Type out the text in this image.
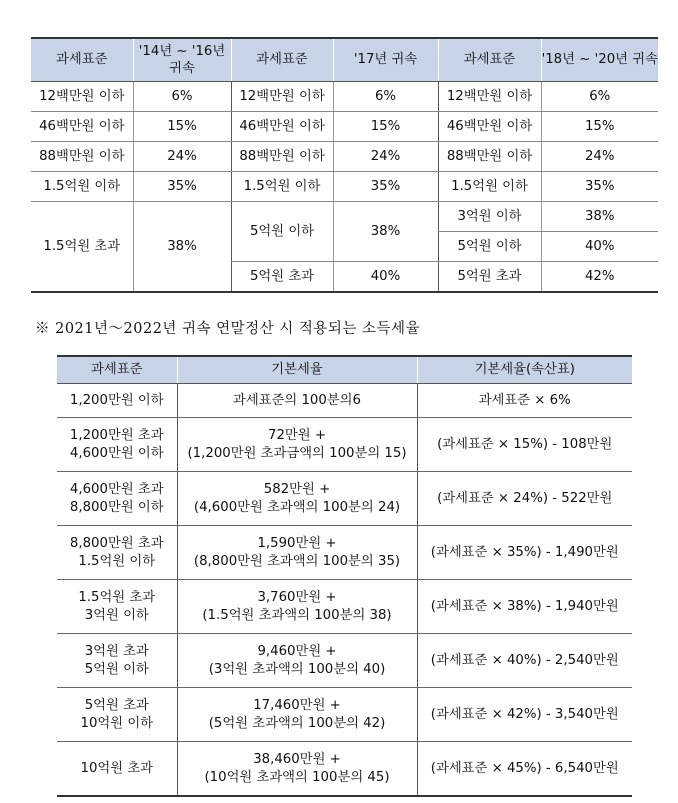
과세표준	'14년 ~ '16년 귀속	과세표준	'17년 귀속	과세표준	'18년 ~ '20년 귀속
12백만원 이하	6%	12백만원 이하	6%	12백만원 이하	6%
46백만원 이하	15%	46백만원 이하	15%	46백만원 이하	15%
88백만원 이하	24%	88백만원 이하	24%	88백만원 이하	24%
1.5억원 이하	35%	1.5억원 이하	35%	1.5억원 이하	35%
1.5억원 초과	38%	5억원 이하	38%	3억원 이하	38%
				5억원 이하	40%
		5억원 초과	40%	5억원 초과	42%
※ 2021년～2022년 귀속 연말정산 시 적용되는 소득세율
과세표준	기본세율	기본세율(속산표)
1,200만원 이하	과세표준의 100분의6	과세표준 × 6%

1,200만원 초과
4,600만원 이하	72만원 +
(1,200만원 초과금액의 100분의 15)	(과세표준 × 15%) - 108만원

4,600만원 초과
8,800만원 이하	582만원 +
(4,600만원 초과액의 100분의 24)	(과세표준 × 24%) - 522만원

8,800만원 초과
1.5억원 이하	1,590만원 +
(8,800만원 초과액의 100분의 35)	(과세표준 × 35%) - 1,490만원

1.5억원 초과
3억원 이하	3,760만원 +
(1.5억원 초과액의 100분의 38)	(과세표준 × 38%) - 1,940만원

3억원 초과
5억원 이하	9,460만원 +
(3억원 초과액의 100분의 40)	(과세표준 × 40%) - 2,540만원

5억원 초과
10억원 이하	17,460만원 +
(5억원 초과액의 100분의 42)	(과세표준 × 42%) - 3,540만원
10억원 초과	38,460만원 +
(10억원 초과액의 100분의 45)	(과세표준 × 45%) - 6,540만원
